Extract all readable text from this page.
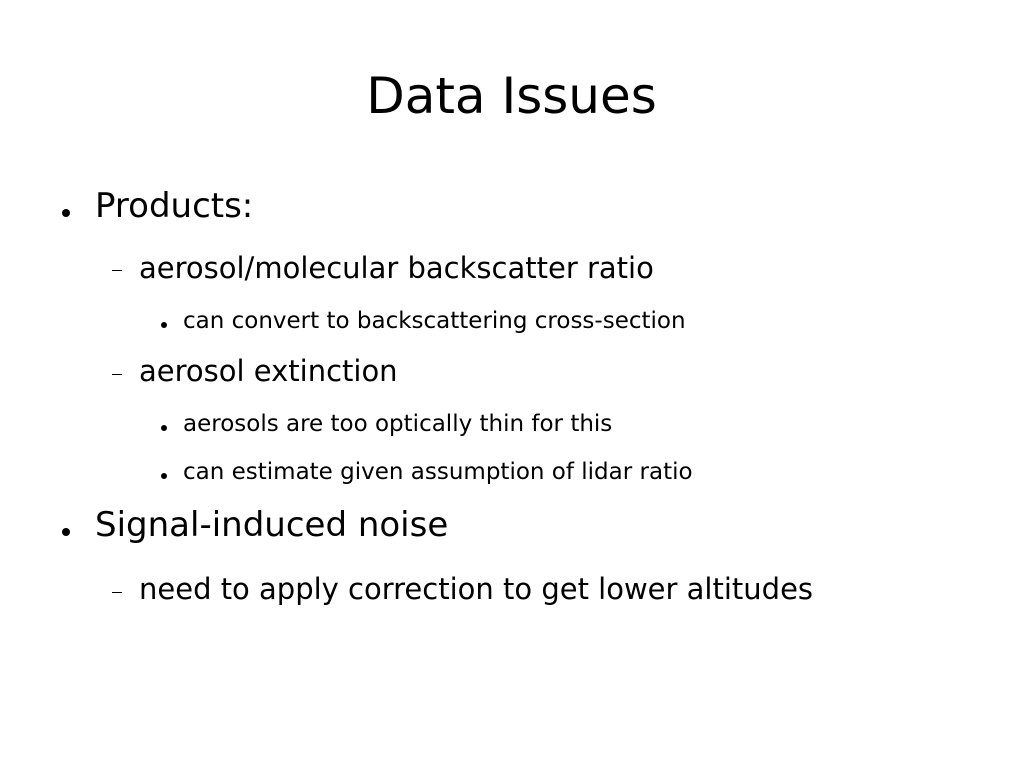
Data Issues
Products:
aerosol/molecular backscatter ratio
can convert to backscattering cross-section
aerosol extinction
aerosols are too optically thin for this
can estimate given assumption of lidar ratio
Signal-induced noise
need to apply correction to get lower altitudes
